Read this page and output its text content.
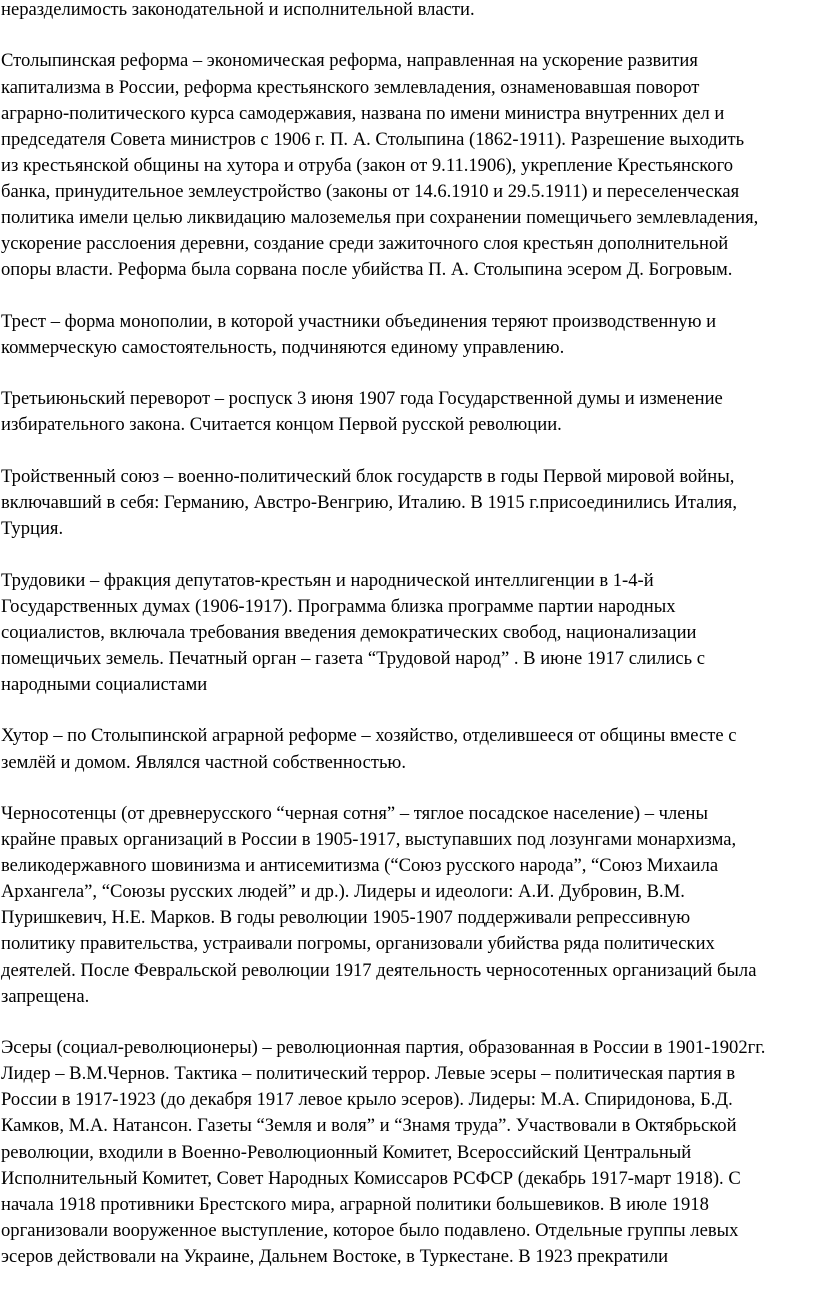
неразделимость законодательной и исполнительной власти.

Столыпинская реформа – экономическая реформа, направленная на ускорение развития
капитализма в России, реформа крестьянского землевладения, ознаменовавшая поворот
аграрно-политического курса самодержавия, названа по имени министра внутренних дел и
председателя Совета министров с 1906 г. П. А. Столыпина (1862-1911). Разрешение выходить
из крестьянской общины на хутора и отруба (закон от 9.11.1906), укрепление Крестьянского
банка, принудительное землеустройство (законы от 14.6.1910 и 29.5.1911) и переселенческая
политика имели целью ликвидацию малоземелья при сохранении помещичьего землевладения,
ускорение расслоения деревни, создание среди зажиточного слоя крестьян дополнительной
опоры власти. Реформа была сорвана после убийства П. А. Столыпина эсером Д. Богровым.

Трест – форма монополии, в которой участники объединения теряют производственную и
коммерческую самостоятельность, подчиняются единому управлению.

Третьиюньский переворот – роспуск 3 июня 1907 года Государственной думы и изменение
избирательного закона. Считается концом Первой русской революции.

Тройственный союз – военно-политический блок государств в годы Первой мировой войны,
включавший в себя: Германию, Австро-Венгрию, Италию. В 1915 г.присоединились Италия,
Турция.

Трудовики – фракция депутатов-крестьян и народнической интеллигенции в 1-4-й
Государственных думах (1906-1917). Программа близка программе партии народных
социалистов, включала требования введения демократических свобод, национализации
помещичьих земель. Печатный орган – газета “Трудовой народ” . В июне 1917 слились с
народными социалистами

Хутор – по Столыпинской аграрной реформе – хозяйство, отделившееся от общины вместе с
землёй и домом. Являлся частной собственностью.

Черносотенцы (от древнерусского “черная сотня” – тяглое посадское население) – члены
крайне правых организаций в России в 1905-1917, выступавших под лозунгами монархизма,
великодержавного шовинизма и антисемитизма (“Союз русского народа”, “Союз Михаила
Архангела”, “Союзы русских людей” и др.). Лидеры и идеологи: А.И. Дубровин, В.М.
Пуришкевич, Н.Е. Марков. В годы революции 1905-1907 поддерживали репрессивную
политику правительства, устраивали погромы, организовали убийства ряда политических
деятелей. После Февральской революции 1917 деятельность черносотенных организаций была
запрещена.

Эсеры (социал-революционеры) – революционная партия, образованная в России в 1901-1902гг.
Лидер – В.М.Чернов. Тактика – политический террор. Левые эсеры – политическая партия в
России в 1917-1923 (до декабря 1917 левое крыло эсеров). Лидеры: М.А. Спиридонова, Б.Д.
Камков, М.А. Натансон. Газеты “Земля и воля” и “Знамя труда”. Участвовали в Октябрьской
революции, входили в Военно-Революционный Комитет, Всероссийский Центральный
Исполнительный Комитет, Совет Народных Комиссаров РСФСР (декабрь 1917-март 1918). С
начала 1918 противники Брестского мира, аграрной политики большевиков. В июле 1918
организовали вооруженное выступление, которое было подавлено. Отдельные группы левых
эсеров действовали на Украине, Дальнем Востоке, в Туркестане. В 1923 прекратили
